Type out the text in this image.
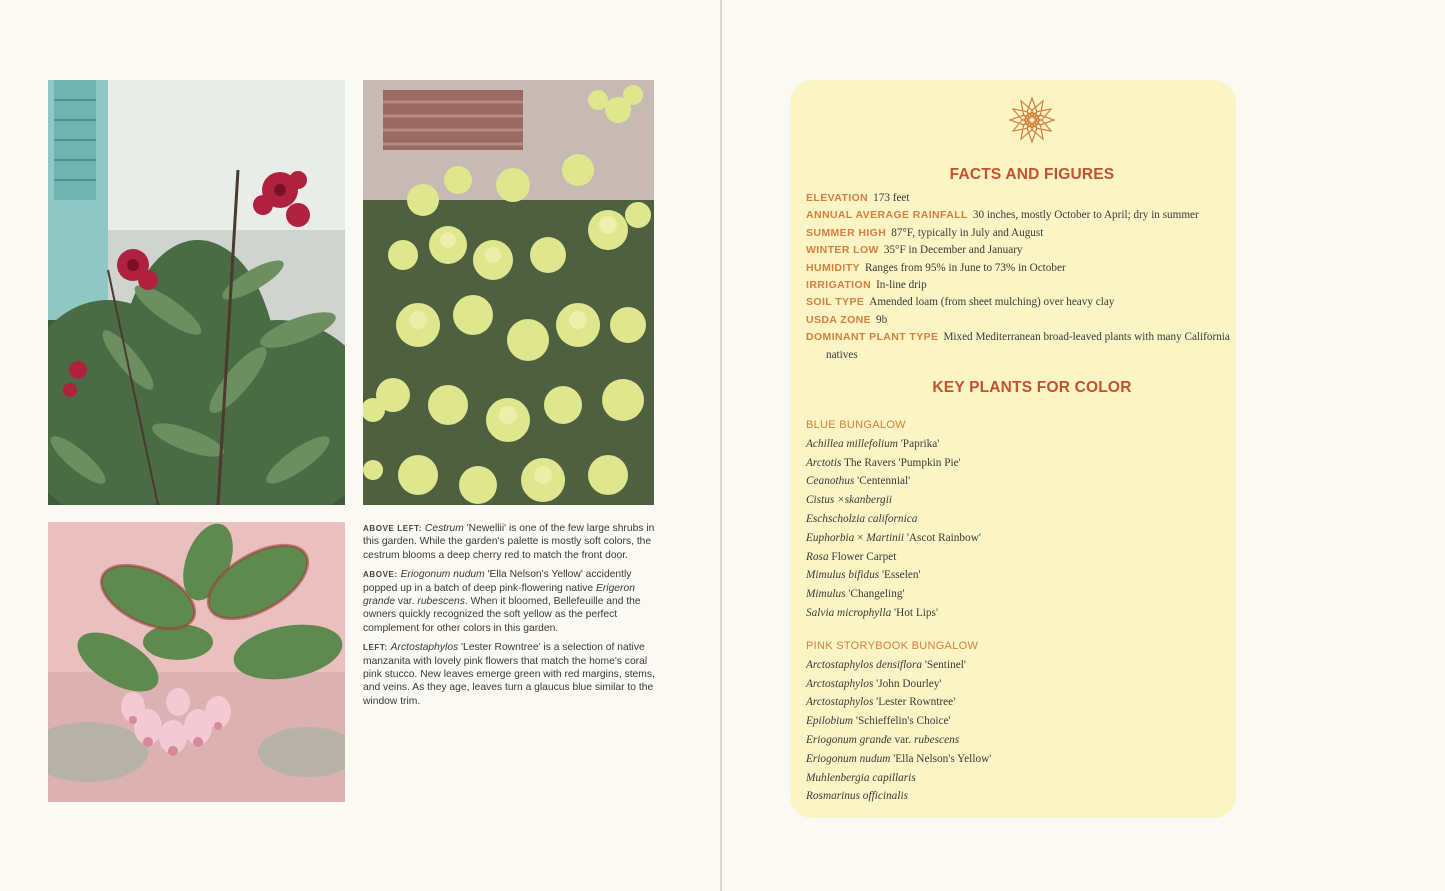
ABOVE LEFT: Cestrum 'Newellii' is one of the few large shrubs in this garden. While the garden's palette is mostly soft colors, the cestrum blooms a deep cherry red to match the front door.

ABOVE: Eriogonum nudum 'Ella Nelson's Yellow' accidently popped up in a batch of deep pink-flowering native Erigeron grande var. rubescens. When it bloomed, Bellefeuille and the owners quickly recognized the soft yellow as the perfect complement for other colors in this garden.

LEFT: Arctostaphylos 'Lester Rowntree' is a selection of native manzanita with lovely pink flowers that match the home's coral pink stucco. New leaves emerge green with red margins, stems, and veins. As they age, leaves turn a glaucus blue similar to the window trim.

FACTS AND FIGURES
ELEVATION 173 feet
ANNUAL AVERAGE RAINFALL 30 inches, mostly October to April; dry in summer
SUMMER HIGH 87°F, typically in July and August
WINTER LOW 35°F in December and January
HUMIDITY Ranges from 95% in June to 73% in October
IRRIGATION In-line drip
SOIL TYPE Amended loam (from sheet mulching) over heavy clay
USDA ZONE 9b
DOMINANT PLANT TYPE Mixed Mediterranean broad-leaved plants with many California natives
KEY PLANTS FOR COLOR
BLUE BUNGALOW
Achillea millefolium 'Paprika'
Arctotis The Ravers 'Pumpkin Pie'
Ceanothus 'Centennial'
Cistus ×skanbergii
Eschscholzia californica
Euphorbia × Martinii 'Ascot Rainbow'
Rosa Flower Carpet
Mimulus bifidus 'Esselen'
Mimulus 'Changeling'
Salvia microphylla 'Hot Lips'
PINK STORYBOOK BUNGALOW
Arctostaphylos densiflora 'Sentinel'
Arctostaphylos 'John Dourley'
Arctostaphylos 'Lester Rowntree'
Epilobium 'Schieffelin's Choice'
Eriogonum grande var. rubescens
Eriogonum nudum 'Ella Nelson's Yellow'
Muhlenbergia capillaris
Rosmarinus officinalis
